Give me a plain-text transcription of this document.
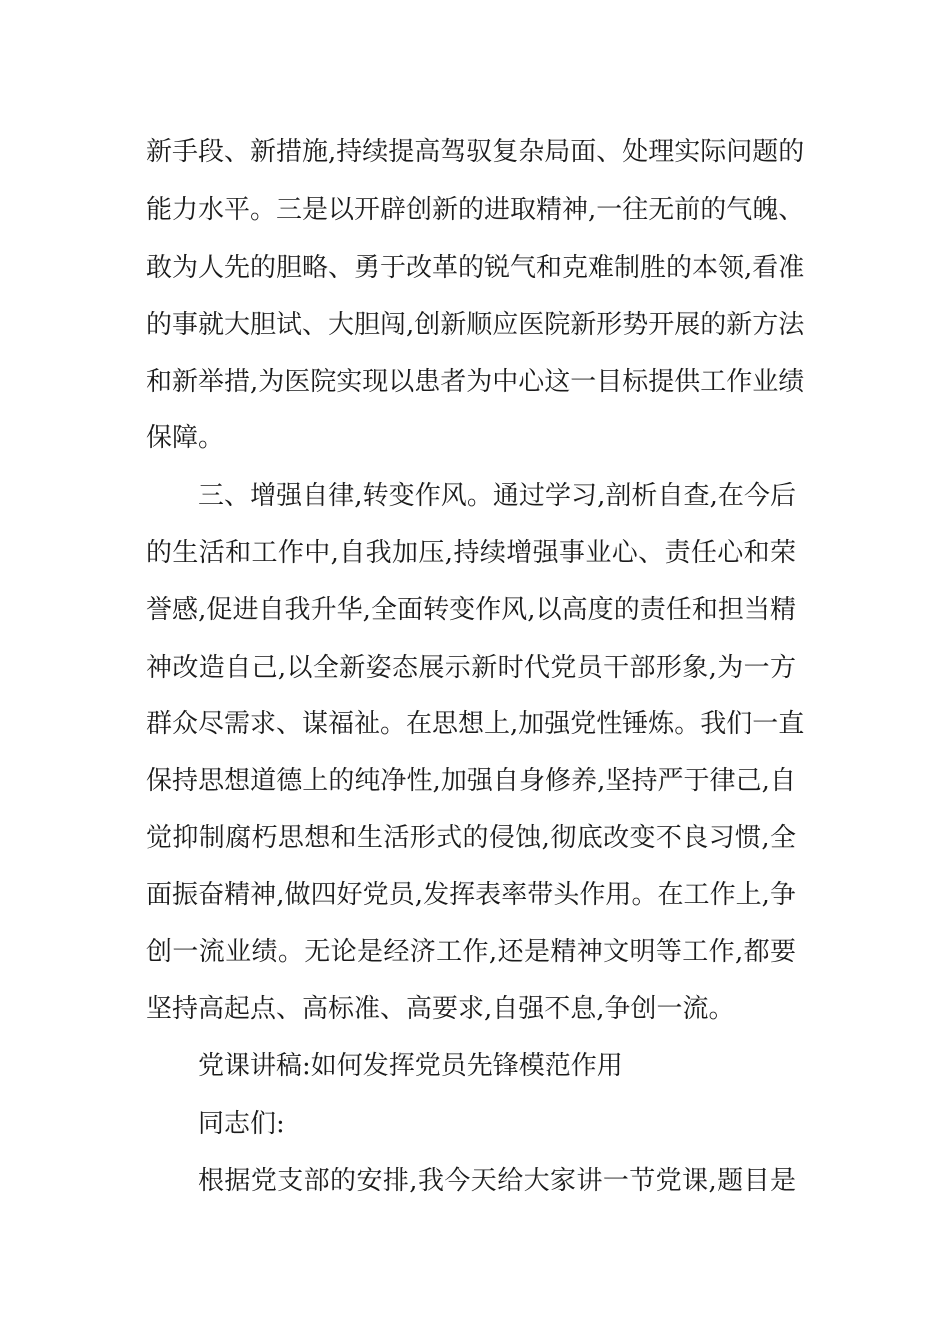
新手段、新措施,持续提高驾驭复杂局面、处理实际问题的
能力水平。三是以开辟创新的进取精神,一往无前的气魄、
敢为人先的胆略、勇于改革的锐气和克难制胜的本领,看准
的事就大胆试、大胆闯,创新顺应医院新形势开展的新方法
和新举措,为医院实现以患者为中心这一目标提供工作业绩
保障。
三、增强自律,转变作风。通过学习,剖析自查,在今后
的生活和工作中,自我加压,持续增强事业心、责任心和荣
誉感,促进自我升华,全面转变作风,以高度的责任和担当精
神改造自己,以全新姿态展示新时代党员干部形象,为一方
群众尽需求、谋福祉。在思想上,加强党性锤炼。我们一直
保持思想道德上的纯净性,加强自身修养,坚持严于律己,自
觉抑制腐朽思想和生活形式的侵蚀,彻底改变不良习惯,全
面振奋精神,做四好党员,发挥表率带头作用。在工作上,争
创一流业绩。无论是经济工作,还是精神文明等工作,都要
坚持高起点、高标准、高要求,自强不息,争创一流。
党课讲稿:如何发挥党员先锋模范作用
同志们:
根据党支部的安排,我今天给大家讲一节党课,题目是
